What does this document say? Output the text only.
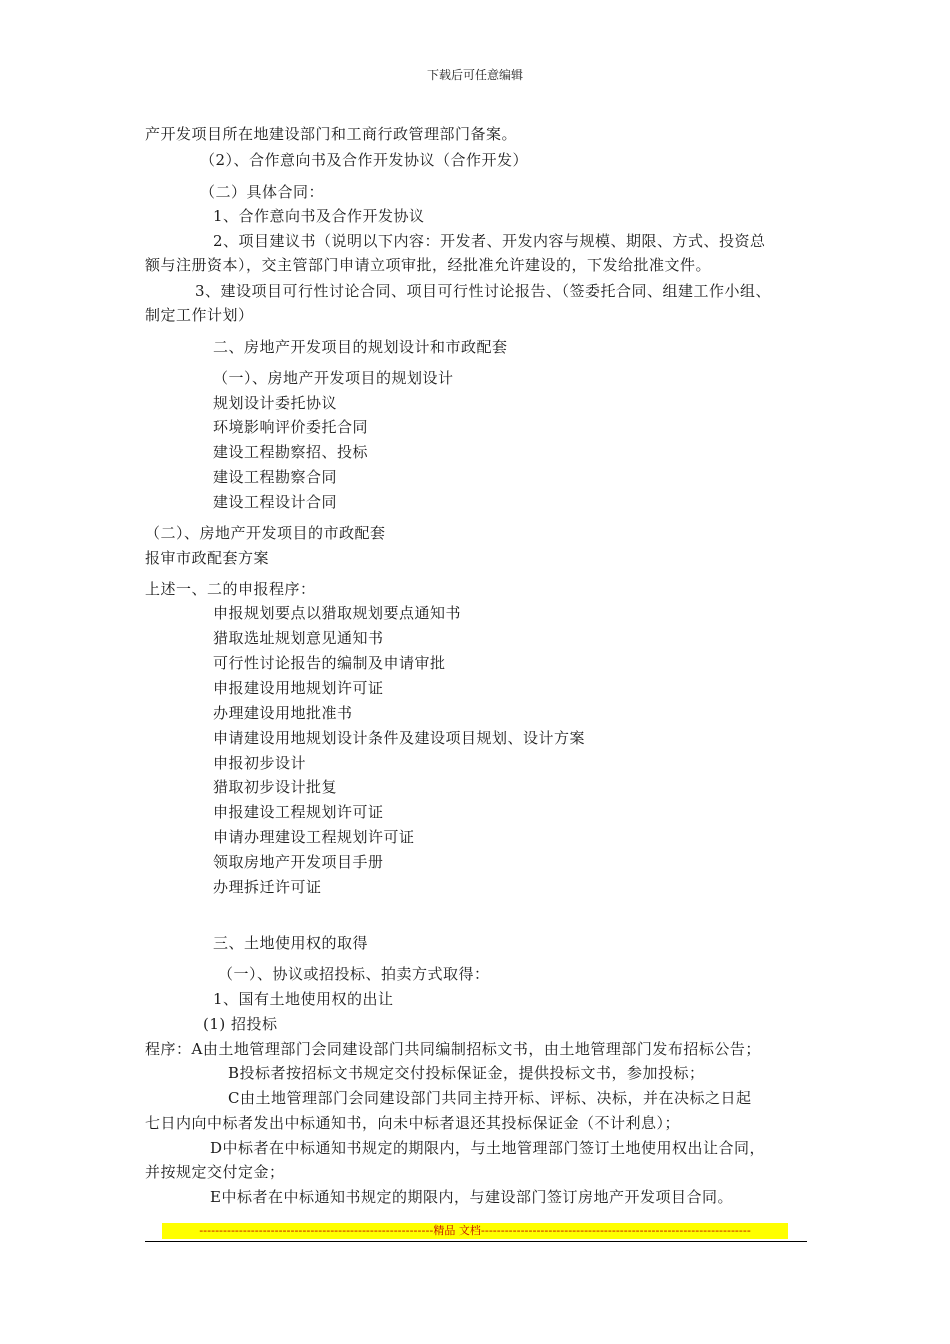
下载后可任意编辑
产开发项目所在地建设部门和工商行政管理部门备案。
（2）、合作意向书及合作开发协议（合作开发）
（二）具体合同：
1、合作意向书及合作开发协议
2、项目建议书（说明以下内容：开发者、开发内容与规模、期限、方式、投资总
额与注册资本），交主管部门申请立项审批，经批准允许建设的，下发给批准文件。
3、建设项目可行性讨论合同、项目可行性讨论报告、（签委托合同、组建工作小组、
制定工作计划）
二、房地产开发项目的规划设计和市政配套
（一）、房地产开发项目的规划设计
规划设计委托协议
环境影响评价委托合同
建设工程勘察招、投标
建设工程勘察合同
建设工程设计合同
（二）、房地产开发项目的市政配套
报审市政配套方案
上述一、二的申报程序：
申报规划要点以猎取规划要点通知书
猎取选址规划意见通知书
可行性讨论报告的编制及申请审批
申报建设用地规划许可证
办理建设用地批准书
申请建设用地规划设计条件及建设项目规划、设计方案
申报初步设计
猎取初步设计批复
申报建设工程规划许可证
申请办理建设工程规划许可证
领取房地产开发项目手册
办理拆迁许可证
三、土地使用权的取得
（一）、协议或招投标、拍卖方式取得：
1、国有土地使用权的出让
(1) 招投标
程序：A由土地管理部门会同建设部门共同编制招标文书，由土地管理部门发布招标公告；
B投标者按招标文书规定交付投标保证金，提供投标文书，参加投标；
C由土地管理部门会同建设部门共同主持开标、评标、决标，并在决标之日起
七日内向中标者发出中标通知书，向未中标者退还其投标保证金（不计利息）；
D中标者在中标通知书规定的期限内，与土地管理部门签订土地使用权出让合同，
并按规定交付定金；
E中标者在中标通知书规定的期限内，与建设部门签订房地产开发项目合同。
-----------------------------------------------------------精品 文档--------------------------------------------------------------------
